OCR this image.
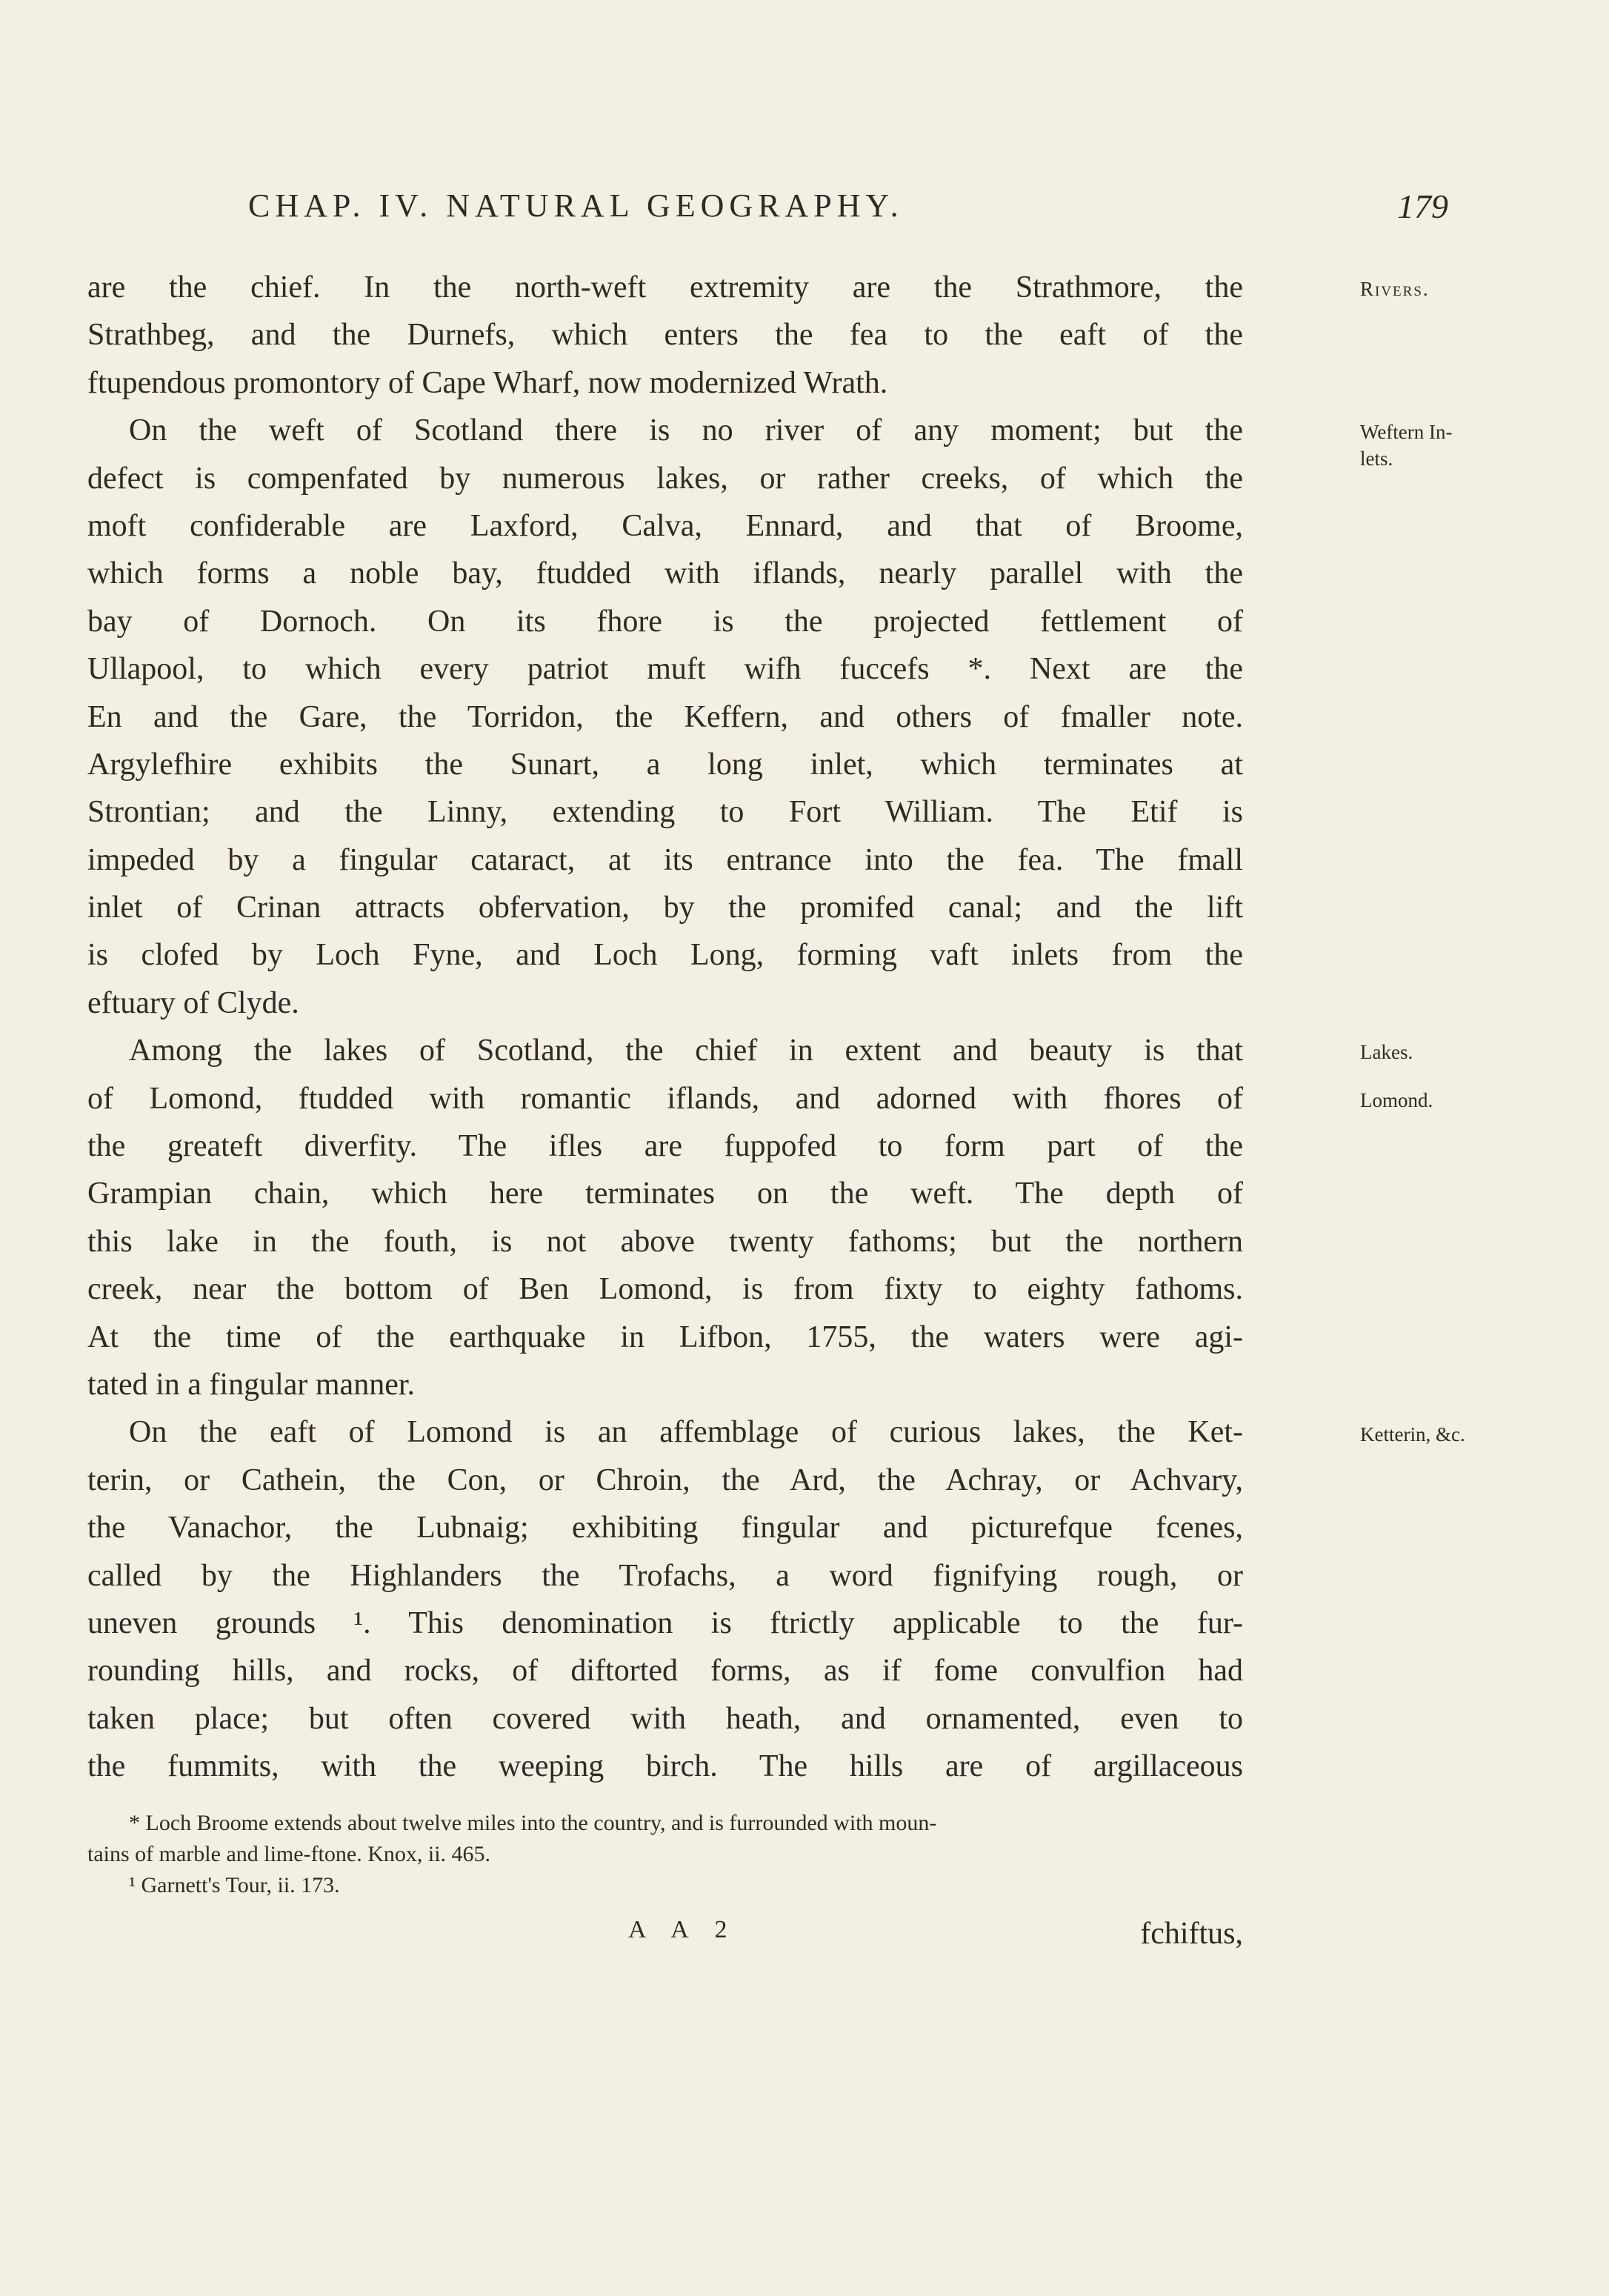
CHAP. IV. NATURAL GEOGRAPHY.	179
are the chief. In the north-weft extremity are the Strathmore, the
Strathbeg, and the Durnefs, which enters the fea to the eaft of the
ftupendous promontory of Cape Wharf, now modernized Wrath.
On the weft of Scotland there is no river of any moment; but the
defect is compenfated by numerous lakes, or rather creeks, of which the
moft confiderable are Laxford, Calva, Ennard, and that of Broome,
which forms a noble bay, ftudded with iflands, nearly parallel with the
bay of Dornoch. On its fhore is the projected fettlement of
Ullapool, to which every patriot muft wifh fuccefs *. Next are the
En and the Gare, the Torridon, the Keffern, and others of fmaller note.
Argylefhire exhibits the Sunart, a long inlet, which terminates at
Strontian; and the Linny, extending to Fort William. The Etif is
impeded by a fingular cataract, at its entrance into the fea. The fmall
inlet of Crinan attracts obfervation, by the promifed canal; and the lift
is clofed by Loch Fyne, and Loch Long, forming vaft inlets from the
eftuary of Clyde.
Among the lakes of Scotland, the chief in extent and beauty is that
of Lomond, ftudded with romantic iflands, and adorned with fhores of
the greateft diverfity. The ifles are fuppofed to form part of the
Grampian chain, which here terminates on the weft. The depth of
this lake in the fouth, is not above twenty fathoms; but the northern
creek, near the bottom of Ben Lomond, is from fixty to eighty fathoms.
At the time of the earthquake in Lifbon, 1755, the waters were agi-
tated in a fingular manner.
On the eaft of Lomond is an affemblage of curious lakes, the Ket-
terin, or Cathein, the Con, or Chroin, the Ard, the Achray, or Achvary,
the Vanachor, the Lubnaig; exhibiting fingular and picturefque fcenes,
called by the Highlanders the Trofachs, a word fignifying rough, or
uneven grounds ¹. This denomination is ftrictly applicable to the fur-
rounding hills, and rocks, of diftorted forms, as if fome convulfion had
taken place; but often covered with heath, and ornamented, even to
the fummits, with the weeping birch. The hills are of argillaceous
Rivers.
Weftern In-
lets.
Lakes.
Lomond.
Ketterin, &c.
* Loch Broome extends about twelve miles into the country, and is furrounded with moun-
tains of marble and lime-ftone. Knox, ii. 465.
¹ Garnett's Tour, ii. 173.
A A 2	fchiftus,
